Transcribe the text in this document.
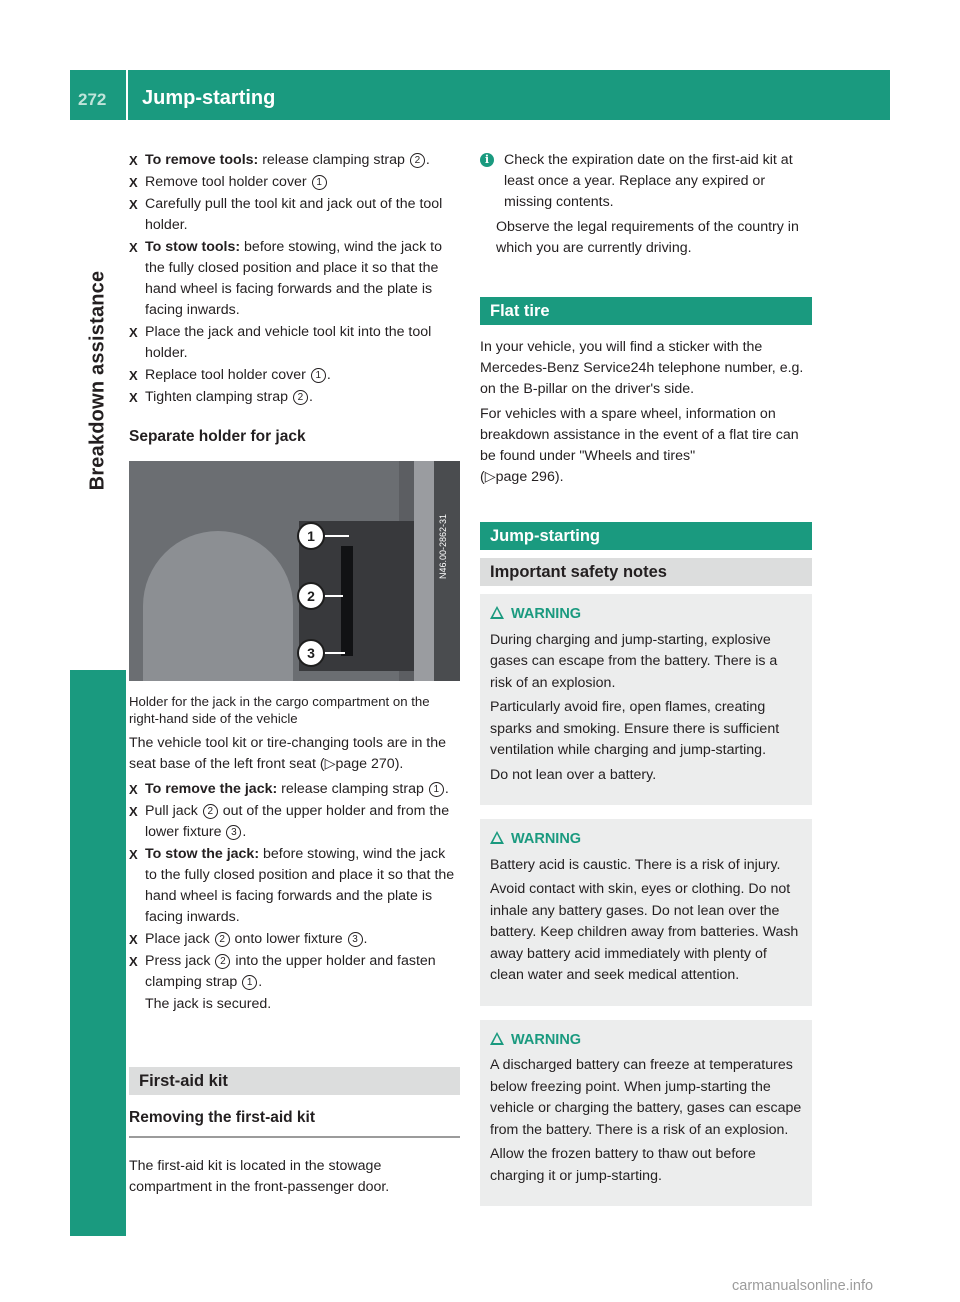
272 Jump-starting
Breakdown assistance
X To remove tools: release clamping strap 2 .
X Remove tool holder cover 1
X Carefully pull the tool kit and jack out of the tool holder.
X To stow tools: before stowing, wind the jack to the fully closed position and place it so that the hand wheel is facing forwards and the plate is facing inwards.
X Place the jack and vehicle tool kit into the tool holder.
X Replace tool holder cover 1 .
X Tighten clamping strap 2 .
Separate holder for jack
1
2
3
N46.00-2862-31
Holder for the jack in the cargo compartment on the right-hand side of the vehicle

The vehicle tool kit or tire-changing tools are in the seat base of the left front seat (▷page 270).

X To remove the jack: release clamping strap 1 .
X Pull jack 2 out of the upper holder and from the lower fixture 3 .
X To stow the jack: before stowing, wind the jack to the fully closed position and place it so that the hand wheel is facing forwards and the plate is facing inwards.
X Place jack 2 onto lower fixture 3 .
X Press jack 2 into the upper holder and fasten clamping strap 1 .
The jack is secured.
First-aid kit
Removing the first-aid kit
The first-aid kit is located in the stowage compartment in the front-passenger door.
i	Check the expiration date on the first-aid kit at least once a year. Replace any expired or missing contents.

Observe the legal requirements of the country in which you are currently driving.

Flat tire

In your vehicle, you will find a sticker with the Mercedes-Benz Service24h telephone number, e.g. on the B-pillar on the driver's side.

For vehicles with a spare wheel, information on breakdown assistance in the event of a flat tire can be found under "Wheels and tires"
(▷page 296).

Jump-starting
Important safety notes
WARNING

During charging and jump-starting, explosive gases can escape from the battery. There is a risk of an explosion.

Particularly avoid fire, open flames, creating sparks and smoking. Ensure there is sufficient ventilation while charging and jump-starting.

Do not lean over a battery.

WARNING

Battery acid is caustic. There is a risk of injury.

Avoid contact with skin, eyes or clothing. Do not inhale any battery gases. Do not lean over the battery. Keep children away from batteries. Wash away battery acid immediately with plenty of clean water and seek medical attention.

WARNING

A discharged battery can freeze at temperatures below freezing point. When jump-starting the vehicle or charging the battery, gases can escape from the battery. There is a risk of an explosion.

Allow the frozen battery to thaw out before charging it or jump-starting.

carmanualsonline.info
